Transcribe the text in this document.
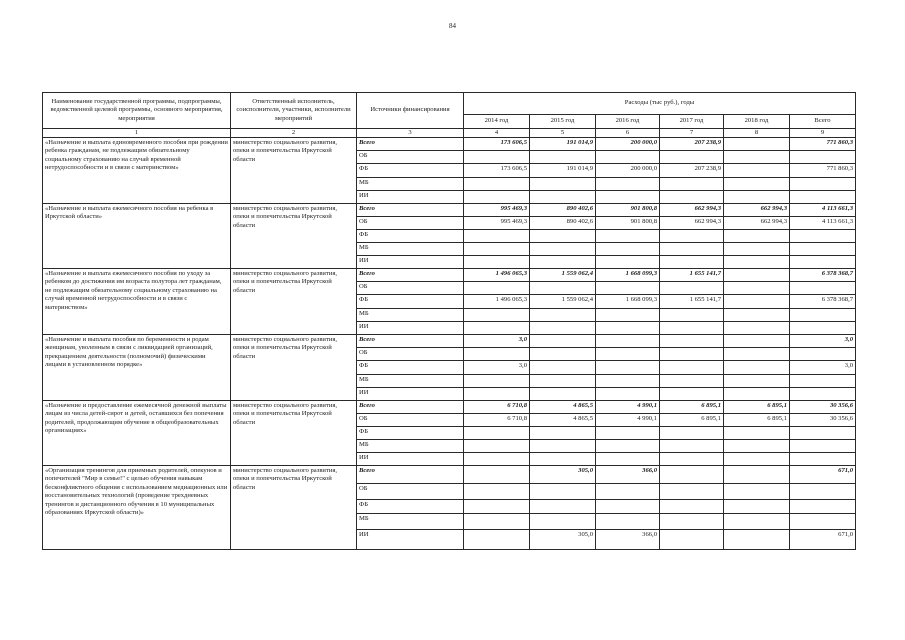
84
Наименование государственной программы, подпрограммы, ведомственной целевой программы, основного мероприятия, мероприятия	Ответственный исполнитель, соисполнители, участники, исполнители мероприятий	Источники финансирования	Расходы (тыс руб.), годы					
			2014 год	2015 год	2016 год	2017 год	2018 год	Всего
1	2	3	4	5	6	7	8	9
«Назначение и выплата единовременного пособия при рождении ребенка гражданам, не подлежащим обязательному социальному страхованию на случай временной нетрудоспособности и в связи с материнством»	министерство социального развития, опеки и попечительства Иркутской области	Всего	173 606,5	191 014,9	200 000,0	207 238,9		771 860,3
		ОБ						
		ФБ	173 606,5	191 014,9	200 000,0	207 238,9		771 860,3
		МБ						
		ИИ						
«Назначение и выплата ежемесячного пособия на ребенка в Иркутской области»	министерство социального развития, опеки и попечительства Иркутской области	Всего	995 469,3	890 402,6	901 800,8	662 994,3	662 994,3	4 113 661,3
		ОБ	995 469,3	890 402,6	901 800,8	662 994,3	662 994,3	4 113 661,3
		ФБ						
		МБ						
		ИИ						
«Назначение и выплата ежемесячного пособия по уходу за ребенком до достижения им возраста полутора лет гражданам, не подлежащим обязательному социальному страхованию на случай временной нетрудоспособности и в связи с материнством»	министерство социального развития, опеки и попечительства Иркутской области	Всего	1 496 065,3	1 559 062,4	1 668 099,3	1 655 141,7		6 378 368,7
		ОБ						
		ФБ	1 496 065,3	1 559 062,4	1 668 099,3	1 655 141,7		6 378 368,7
		МБ						
		ИИ						
«Назначение и выплата пособия по беременности и родам женщинам, уволенным в связи с ликвидацией организаций, прекращением деятельности (полномочий) физическими лицами в установленном порядке»	министерство социального развития, опеки и попечительства Иркутской области	Всего	3,0					3,0
		ОБ						
		ФБ	3,0					3,0
		МБ						
		ИИ						
«Назначение и предоставление ежемесячной денежной выплаты лицам из числа детей-сирот и детей, оставшихся без попечения родителей, продолжающим обучение в общеобразовательных организациях»	министерство социального развития, опеки и попечительства Иркутской области	Всего	6 710,8	4 865,5	4 990,1	6 895,1	6 895,1	30 356,6
		ОБ	6 710,8	4 865,5	4 990,1	6 895,1	6 895,1	30 356,6
		ФБ						
		МБ						
		ИИ						
«Организация тренингов для приемных родителей, опекунов и попечителей "Мир в семье!" с целью обучения навыкам бесконфликтного общения с использованием медиационных или восстановительных технологий (проведение трехдневных тренингов и дистанционного обучения в 10 муниципальных образованиях Иркутской области)»	министерство социального развития, опеки и попечительства Иркутской области	Всего		305,0	366,0			671,0
		ОБ						
		ФБ						
		МБ						
		ИИ		305,0	366,0			671,0
